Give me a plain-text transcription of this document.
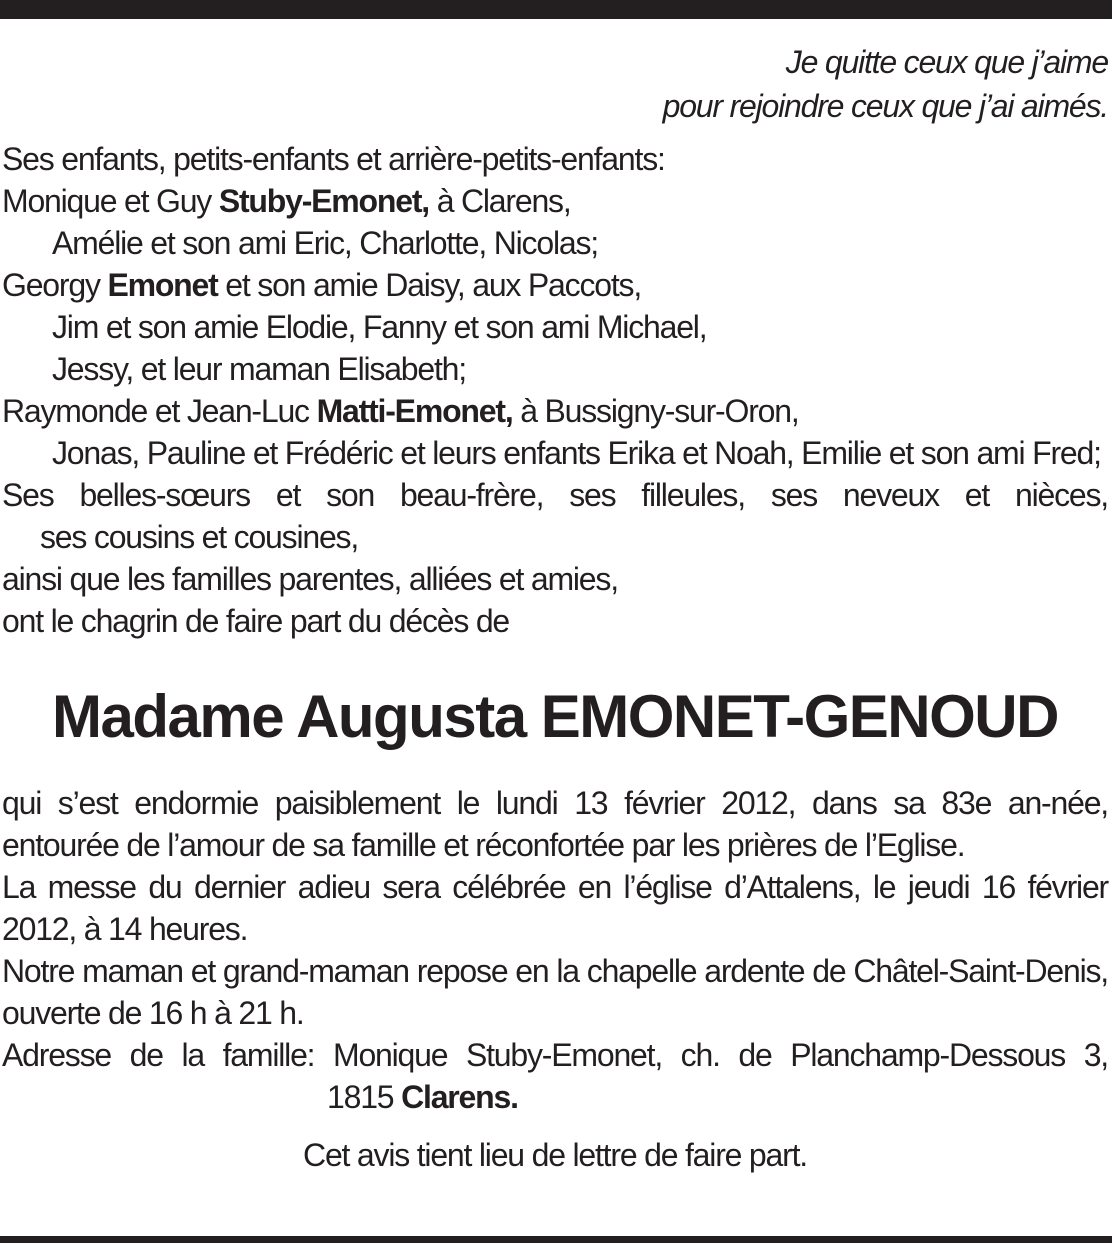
Je quitte ceux que j’aime
pour rejoindre ceux que j’ai aimés.
Ses enfants, petits-enfants et arrière-petits-enfants:
Monique et Guy Stuby-Emonet, à Clarens,
Amélie et son ami Eric, Charlotte, Nicolas;
Georgy Emonet et son amie Daisy, aux Paccots,
Jim et son amie Elodie, Fanny et son ami Michael,
Jessy, et leur maman Elisabeth;
Raymonde et Jean-Luc Matti-Emonet, à Bussigny-sur-Oron,
Jonas, Pauline et Frédéric et leurs enfants Erika et Noah, Emilie et son ami Fred;
Ses belles-sœurs et son beau-frère, ses filleules, ses neveux et nièces,
ses cousins et cousines,
ainsi que les familles parentes, alliées et amies,
ont le chagrin de faire part du décès de
Madame Augusta EMONET-GENOUD

qui s’est endormie paisiblement le lundi 13 février 2012, dans sa 83e an-née, entourée de l’amour de sa famille et réconfortée par les prières de l’Eglise.

La messe du dernier adieu sera célébrée en l’église d’Attalens, le jeudi 16 février 2012, à 14 heures.

Notre maman et grand-maman repose en la chapelle ardente de Châtel-Saint-Denis, ouverte de 16 h à 21 h.

Adresse de la famille: Monique Stuby-Emonet, ch. de Planchamp-Dessous 3,
1815 Clarens.
Cet avis tient lieu de lettre de faire part.
